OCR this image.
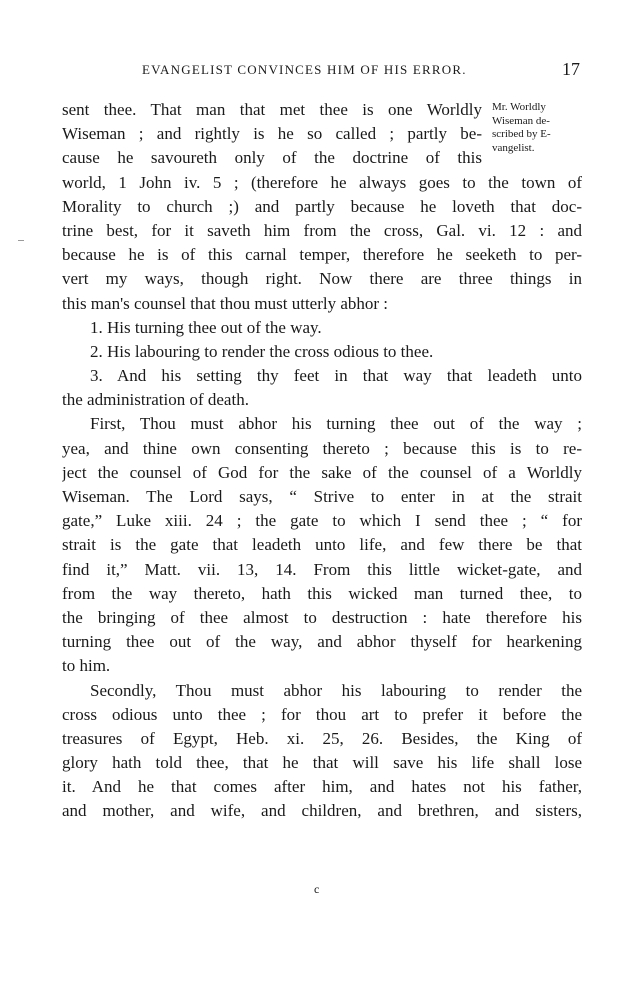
EVANGELIST CONVINCES HIM OF HIS ERROR.	17
Mr. Worldly
Wiseman de-
scribed by E-
vangelist.
sent thee. That man that met thee is one Worldly
Wiseman ; and rightly is he so called ; partly be-
cause he savoureth only of the doctrine of this
world, 1 John iv. 5 ; (therefore he always goes to the town of
Morality to church ;) and partly because he loveth that doc-
trine best, for it saveth him from the cross, Gal. vi. 12 : and
because he is of this carnal temper, therefore he seeketh to per-
vert my ways, though right. Now there are three things in
this man's counsel that thou must utterly abhor :
1. His turning thee out of the way.
2. His labouring to render the cross odious to thee.
3. And his setting thy feet in that way that leadeth unto
the administration of death.
First, Thou must abhor his turning thee out of the way ;
yea, and thine own consenting thereto ; because this is to re-
ject the counsel of God for the sake of the counsel of a Worldly
Wiseman. The Lord says, “ Strive to enter in at the strait
gate,” Luke xiii. 24 ; the gate to which I send thee ; “ for
strait is the gate that leadeth unto life, and few there be that
find it,” Matt. vii. 13, 14. From this little wicket-gate, and
from the way thereto, hath this wicked man turned thee, to
the bringing of thee almost to destruction : hate therefore his
turning thee out of the way, and abhor thyself for hearkening
to him.
Secondly, Thou must abhor his labouring to render the
cross odious unto thee ; for thou art to prefer it before the
treasures of Egypt, Heb. xi. 25, 26. Besides, the King of
glory hath told thee, that he that will save his life shall lose
it. And he that comes after him, and hates not his father,
and mother, and wife, and children, and brethren, and sisters,
c
